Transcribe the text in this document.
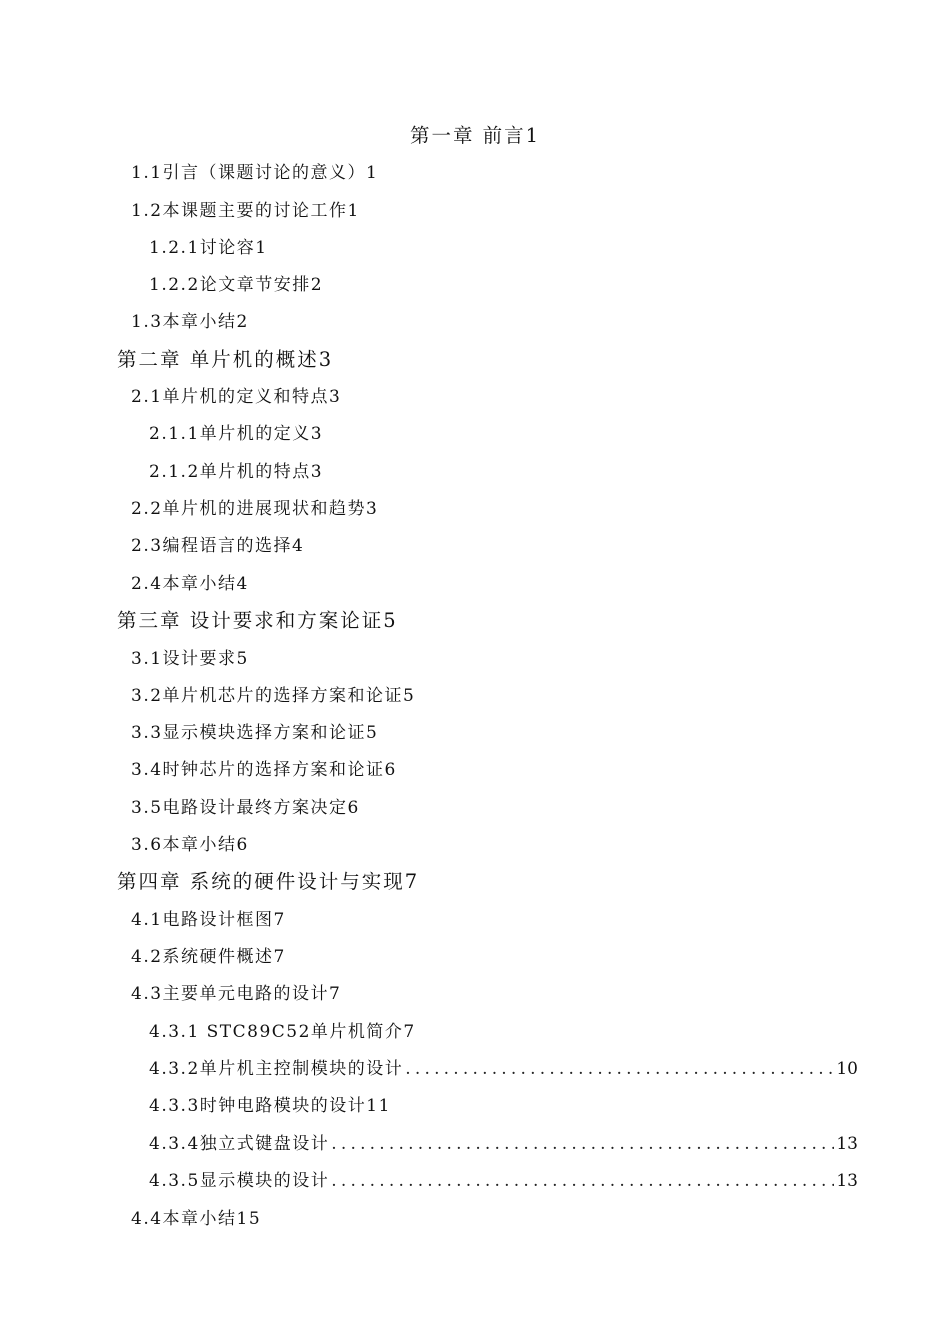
第一章 前言1
1.1引言（课题讨论的意义）1
1.2本课题主要的讨论工作1
1.2.1讨论容1
1.2.2论文章节安排2
1.3本章小结2
第二章 单片机的概述3
2.1单片机的定义和特点3
2.1.1单片机的定义3
2.1.2单片机的特点3
2.2单片机的进展现状和趋势3
2.3编程语言的选择4
2.4本章小结4
第三章 设计要求和方案论证5
3.1设计要求5
3.2单片机芯片的选择方案和论证5
3.3显示模块选择方案和论证5
3.4时钟芯片的选择方案和论证6
3.5电路设计最终方案决定6
3.6本章小结6
第四章 系统的硬件设计与实现7
4.1电路设计框图7
4.2系统硬件概述7
4.3主要单元电路的设计7
4.3.1 STC89C52单片机简介7
4.3.2单片机主控制模块的设计 .....	10
4.3.3时钟电路模块的设计11
4.3.4独立式键盘设计 .....	13
4.3.5显示模块的设计 .....	13
4.4本章小结15
